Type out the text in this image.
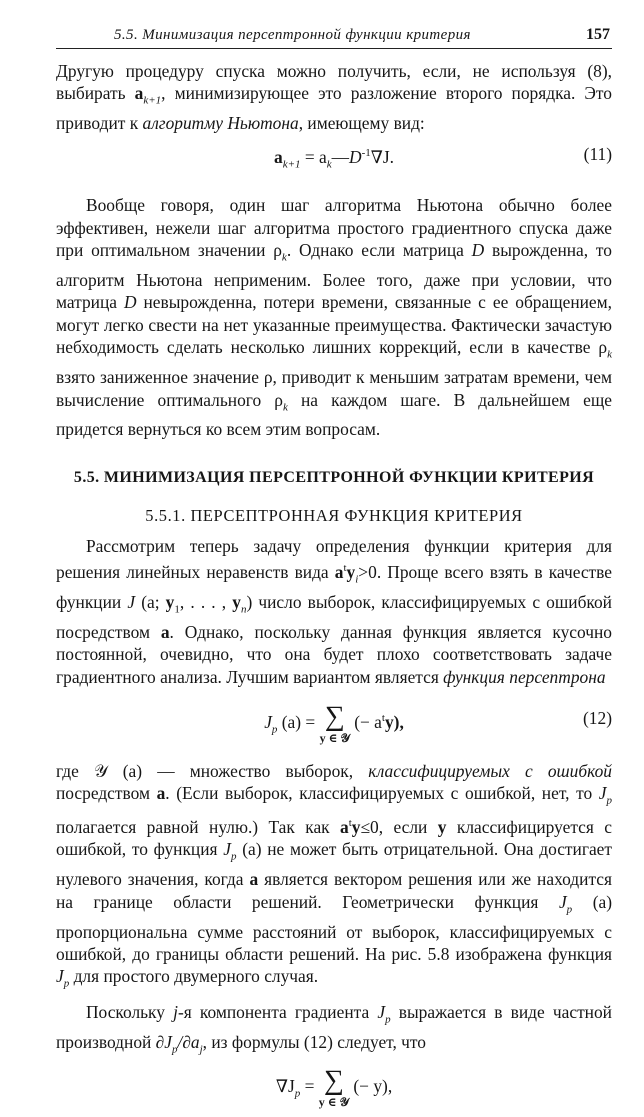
5.5. Минимизация персептронной функции критерия	157

Другую процедуру спуска можно получить, если, не используя (8), выбирать $a_{k+1}$, минимизирующее это разложение второго порядка. Это приводит к алгоритму Ньютона, имеющему вид:

$a_{k+1}$ = $a_k—D^{-1}\nabla J$.	(11)

Вообще говоря, один шаг алгоритма Ньютона обычно более эффективен, нежели шаг алгоритма простого градиентного спуска даже при оптимальном значении $\rho_k$. Однако если матрица D вырожденна, то алгоритм Ньютона неприменим. Более того, даже при условии, что матрица D невырожденна, потери времени, связанные с ее обращением, могут легко свести на нет указанные преимущества. Фактически зачастую небходимость сделать несколько лишних коррекций, если в качестве $\rho_k$ взято заниженное значение ρ, приводит к меньшим затратам времени, чем вычисление оптимального $\rho_k$ на каждом шаге. В дальнейшем еще придется вернуться ко всем этим вопросам.

5.5. МИНИМИЗАЦИЯ ПЕРСЕПТРОННОЙ ФУНКЦИИ КРИТЕРИЯ
5.5.1. ПЕРСЕПТРОННАЯ ФУНКЦИЯ КРИТЕРИЯ

Рассмотрим теперь задачу определения функции критерия для решения линейных неравенств вида $a^ty_i>0$. Проще всего взять в качестве функции J (a; $y_1$, . . . , $y_n$) число выборок, классифицируемых с ошибкой посредством a. Однако, поскольку данная функция является кусочно постоянной, очевидно, что она будет плохо соответствовать задаче градиентного анализа. Лучшим вариантом является функция персептрона

$J_p$ (a) = ∑
y ∈ 𝒴
(− $a^ty$),	(12)

где 𝒴 (a) — множество выборок, классифицируемых с ошибкой посредством a. (Если выборок, классифицируемых с ошибкой, нет, то $J_p$ полагается равной нулю.) Так как $a^ty\le 0$, если y классифицируется с ошибкой, то функция $J_p$ (a) не может быть отрицательной. Она достигает нулевого значения, когда a является вектором решения или же находится на границе области решений. Геометрически функция $J_p$ (a) пропорциональна сумме расстояний от выборок, классифицируемых с ошибкой, до границы области решений. На рис. 5.8 изображена функция $J_p$ для простого двумерного случая.

Поскольку j-я компонента градиента $J_p$ выражается в виде частной производной $\partial J_p/\partial a_j$, из формулы (12) следует, что

$\nabla J_p$ = ∑
y ∈ 𝒴
(− y),
